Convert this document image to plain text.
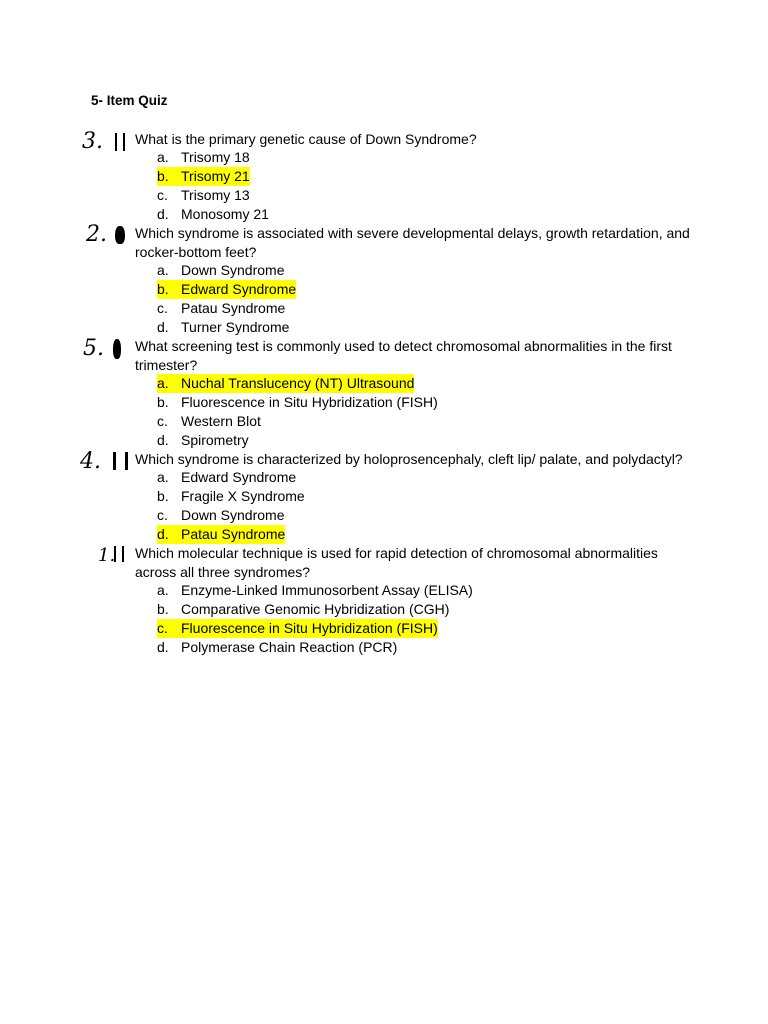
5- Item Quiz
3. What is the primary genetic cause of Down Syndrome?
a. Trisomy 18
b. Trisomy 21
c. Trisomy 13
d. Monosomy 21
2. Which syndrome is associated with severe developmental delays, growth retardation, and rocker-bottom feet?
a. Down Syndrome
b. Edward Syndrome
c. Patau Syndrome
d. Turner Syndrome
5. What screening test is commonly used to detect chromosomal abnormalities in the first trimester?
a. Nuchal Translucency (NT) Ultrasound
b. Fluorescence in Situ Hybridization (FISH)
c. Western Blot
d. Spirometry
4. Which syndrome is characterized by holoprosencephaly, cleft lip/ palate, and polydactyl?
a. Edward Syndrome
b. Fragile X Syndrome
c. Down Syndrome
d. Patau Syndrome
1. Which molecular technique is used for rapid detection of chromosomal abnormalities across all three syndromes?
a. Enzyme-Linked Immunosorbent Assay (ELISA)
b. Comparative Genomic Hybridization (CGH)
c. Fluorescence in Situ Hybridization (FISH)
d. Polymerase Chain Reaction (PCR)
